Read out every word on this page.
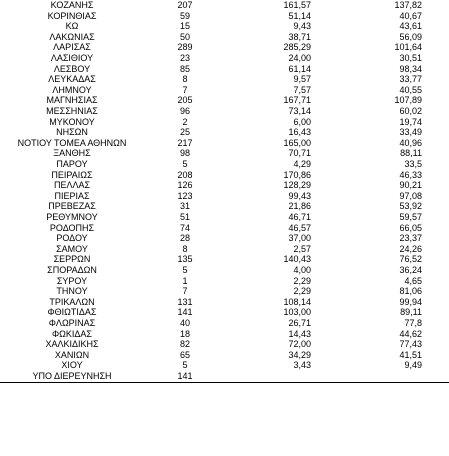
ΚΟΖΑΝΗΣ	207	161,57	137,82
ΚΟΡΙΝΘΙΑΣ	59	51,14	40,67
ΚΩ	15	9,43	43,61
ΛΑΚΩΝΙΑΣ	50	38,71	56,09
ΛΑΡΙΣΑΣ	289	285,29	101,64
ΛΑΣΙΘΙΟΥ	23	24,00	30,51
ΛΕΣΒΟΥ	85	61,14	98,34
ΛΕΥΚΑΔΑΣ	8	9,57	33,77
ΛΗΜΝΟΥ	7	7,57	40,55
ΜΑΓΝΗΣΙΑΣ	205	167,71	107,89
ΜΕΣΣΗΝΙΑΣ	96	73,14	60,02
ΜΥΚΟΝΟΥ	2	6,00	19,74
ΝΗΣΩΝ	25	16,43	33,49
ΝΟΤΙΟΥ ΤΟΜΕΑ ΑΘΗΝΩΝ	217	165,00	40,96
ΞΑΝΘΗΣ	98	70,71	88,11
ΠΑΡΟΥ	5	4,29	33,5
ΠΕΙΡΑΙΩΣ	208	170,86	46,33
ΠΕΛΛΑΣ	126	128,29	90,21
ΠΙΕΡΙΑΣ	123	99,43	97,08
ΠΡΕΒΕΖΑΣ	31	21,86	53,92
ΡΕΘΥΜΝΟΥ	51	46,71	59,57
ΡΟΔΟΠΗΣ	74	46,57	66,05
ΡΟΔΟΥ	28	37,00	23,37
ΣΑΜΟΥ	8	2,57	24,26
ΣΕΡΡΩΝ	135	140,43	76,52
ΣΠΟΡΑΔΩΝ	5	4,00	36,24
ΣΥΡΟΥ	1	2,29	4,65
ΤΗΝΟΥ	7	2,29	81,06
ΤΡΙΚΑΛΩΝ	131	108,14	99,94
ΦΘΙΩΤΙΔΑΣ	141	103,00	89,11
ΦΛΩΡΙΝΑΣ	40	26,71	77,8
ΦΩΚΙΔΑΣ	18	14,43	44,62
ΧΑΛΚΙΔΙΚΗΣ	82	72,00	77,43
ΧΑΝΙΩΝ	65	34,29	41,51
ΧΙΟΥ	5	3,43	9,49
ΥΠΟ ΔΙΕΡΕΥΝΗΣΗ	141
